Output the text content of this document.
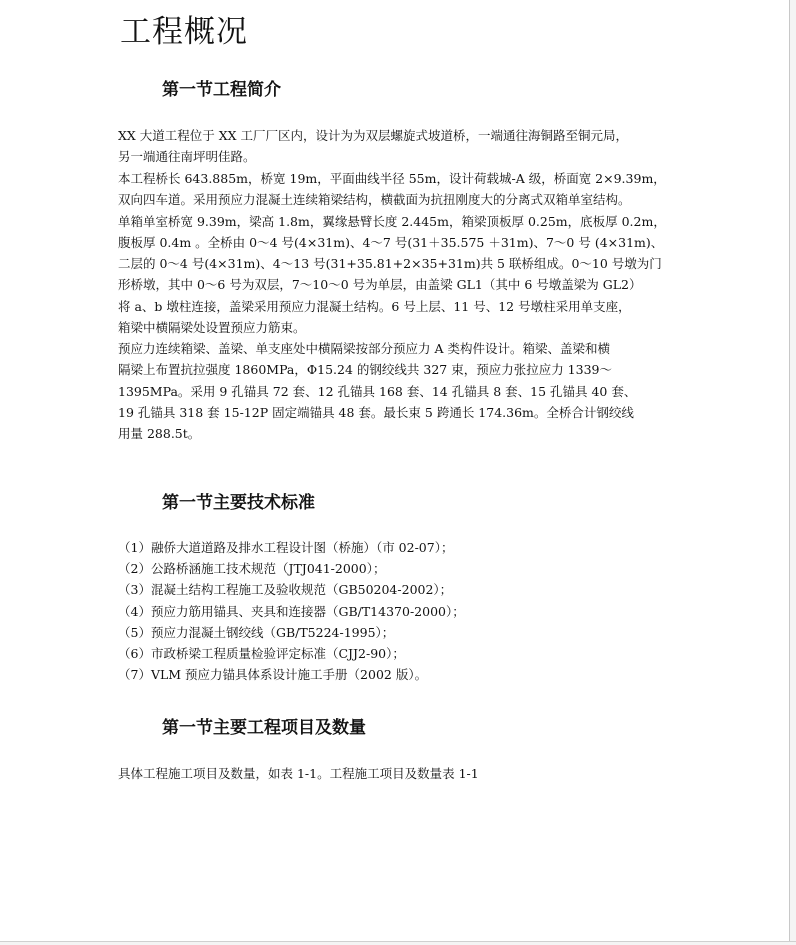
工程概况
第一节工程简介
XX 大道工程位于 XX 工厂厂区内，设计为为双层螺旋式坡道桥，一端通往海铜路至铜元局，
另一端通往南坪明佳路。
本工程桥长 643.885m，桥宽 19m，平面曲线半径 55m，设计荷载城-A 级，桥面宽 2×9.39m，
双向四车道。采用预应力混凝土连续箱梁结构，横截面为抗扭刚度大的分离式双箱单室结构。
单箱单室桥宽 9.39m，梁高 1.8m，翼缘悬臂长度 2.445m，箱梁顶板厚 0.25m，底板厚 0.2m，
腹板厚 0.4m 。全桥由 0～4 号(4×31m)、4～7 号(31＋35.575 ＋31m)、7～0 号 (4×31m)、
二层的 0～4 号(4×31m)、4～13 号(31+35.81+2×35+31m)共 5 联桥组成。0～10 号墩为门
形桥墩，其中 0～6 号为双层，7～10～0 号为单层，由盖梁 GL1（其中 6 号墩盖梁为 GL2）
将 a、b 墩柱连接，盖梁采用预应力混凝土结构。6 号上层、11 号、12 号墩柱采用单支座，
箱梁中横隔梁处设置预应力筋束。
预应力连续箱梁、盖梁、单支座处中横隔梁按部分预应力 A 类构件设计。箱梁、盖梁和横
隔梁上布置抗拉强度 1860MPa，Φ15.24 的钢绞线共 327 束，预应力张拉应力 1339～
1395MPa。采用 9 孔锚具 72 套、12 孔锚具 168 套、14 孔锚具 8 套、15 孔锚具 40 套、
19 孔锚具 318 套 15-12P 固定端锚具 48 套。最长束 5 跨通长 174.36m。全桥合计钢绞线
用量 288.5t。
第一节主要技术标准
（1）融侨大道道路及排水工程设计图（桥施）（市 02-07）；
（2）公路桥涵施工技术规范（JTJ041-2000）；
（3）混凝土结构工程施工及验收规范（GB50204-2002）；
（4）预应力筋用锚具、夹具和连接器（GB/T14370-2000）；
（5）预应力混凝土钢绞线（GB/T5224-1995）；
（6）市政桥梁工程质量检验评定标准（CJJ2-90）；
（7）VLM 预应力锚具体系设计施工手册（2002 版）。
第一节主要工程项目及数量
具体工程施工项目及数量，如表 1-1。工程施工项目及数量表 1-1
